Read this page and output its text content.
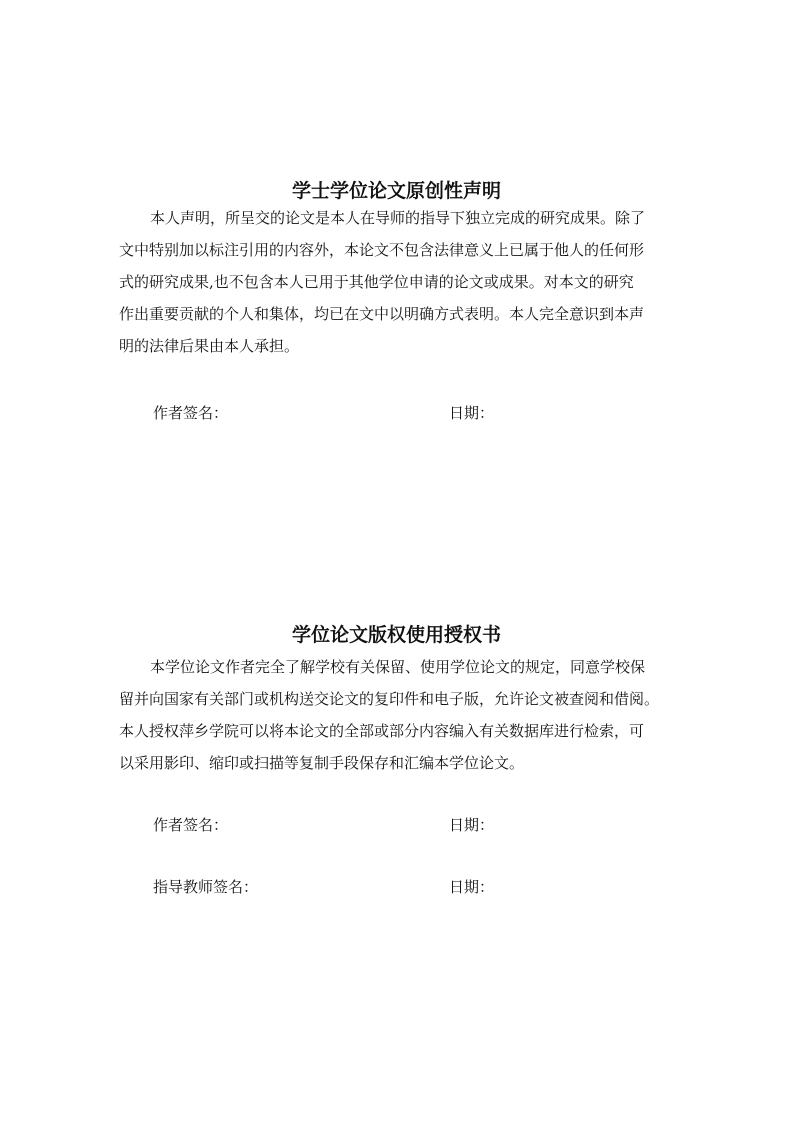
学士学位论文原创性声明
本人声明，所呈交的论文是本人在导师的指导下独立完成的研究成果。除了
文中特别加以标注引用的内容外，本论文不包含法律意义上已属于他人的任何形
式的研究成果,也不包含本人已用于其他学位申请的论文或成果。对本文的研究
作出重要贡献的个人和集体，均已在文中以明确方式表明。本人完全意识到本声
明的法律后果由本人承担。
作者签名：	日期：
学位论文版权使用授权书
本学位论文作者完全了解学校有关保留、使用学位论文的规定，同意学校保
留并向国家有关部门或机构送交论文的复印件和电子版，允许论文被查阅和借阅。
本人授权萍乡学院可以将本论文的全部或部分内容编入有关数据库进行检索，可
以采用影印、缩印或扫描等复制手段保存和汇编本学位论文。
作者签名：	日期：
指导教师签名：	日期：
